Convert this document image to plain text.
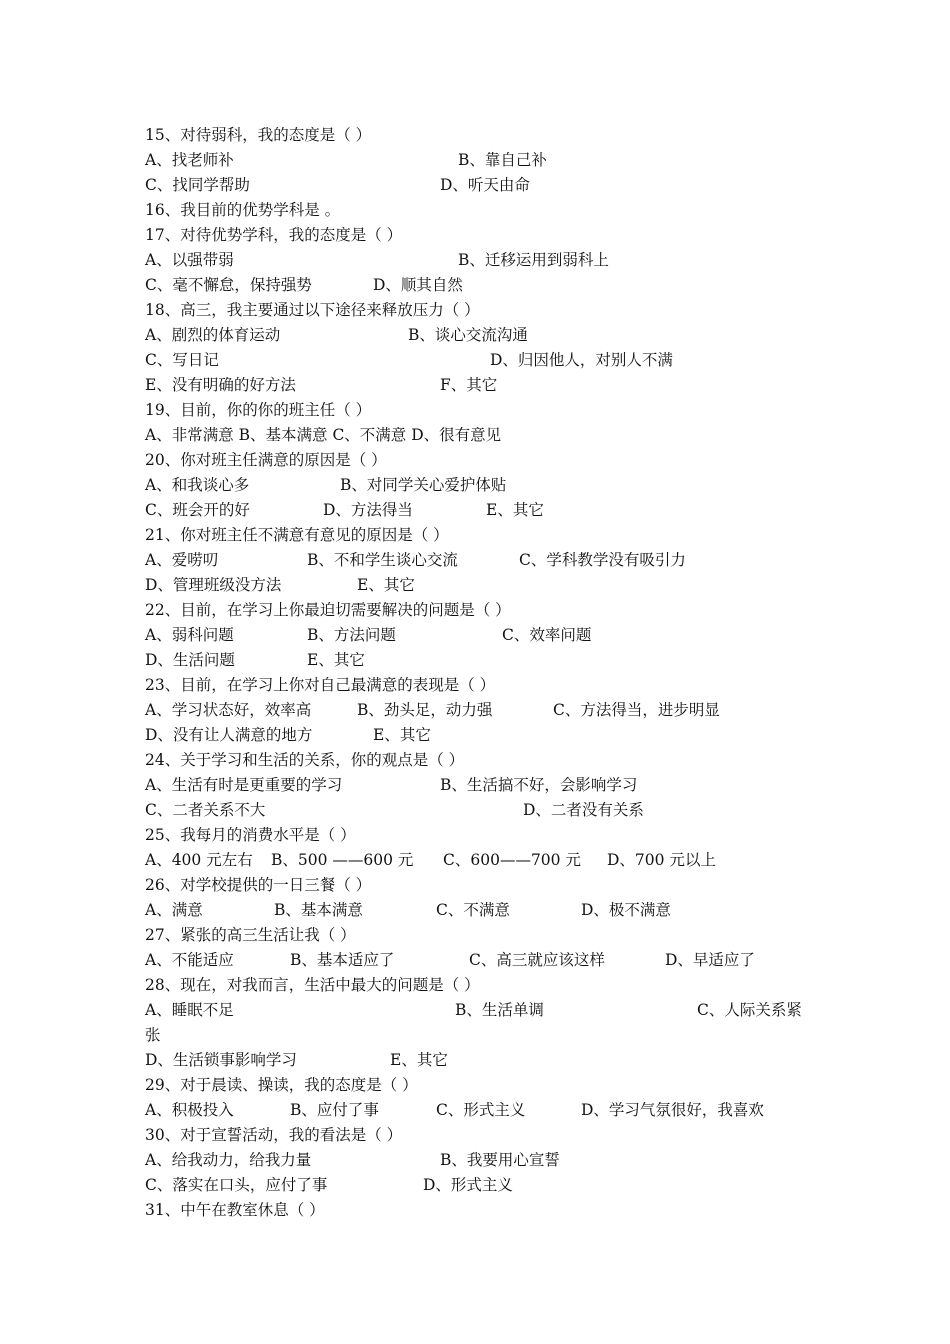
15、对待弱科，我的态度是（ ）
A、找老师补	B、靠自己补
C、找同学帮助	D、听天由命
16、我目前的优势学科是 。
17、对待优势学科，我的态度是（ ）
A、以强带弱	B、迁移运用到弱科上
C、毫不懈怠，保持强势	D、顺其自然
18、高三，我主要通过以下途径来释放压力（ ）
A、剧烈的体育运动	B、谈心交流沟通
C、写日记	D、归因他人，对别人不满
E、没有明确的好方法	F、其它
19、目前，你的你的班主任（ ）
A、非常满意 B、基本满意 C、不满意 D、很有意见
20、你对班主任满意的原因是（ ）
A、和我谈心多	B、对同学关心爱护体贴
C、班会开的好	D、方法得当	E、其它
21、你对班主任不满意有意见的原因是（ ）
A、爱唠叨	B、不和学生谈心交流	C、学科教学没有吸引力
D、管理班级没方法	E、其它
22、目前，在学习上你最迫切需要解决的问题是（ ）
A、弱科问题	B、方法问题	C、效率问题
D、生活问题	E、其它
23、目前，在学习上你对自己最满意的表现是（ ）
A、学习状态好，效率高	B、劲头足，动力强	C、方法得当，进步明显
D、没有让人满意的地方	E、其它
24、关于学习和生活的关系，你的观点是（ ）
A、生活有时是更重要的学习	B、生活搞不好，会影响学习
C、二者关系不大	D、二者没有关系
25、我每月的消费水平是（ ）
A、400 元左右 B、500 ——600 元 C、600——700 元 D、700 元以上
26、对学校提供的一日三餐（ ）
A、满意	B、基本满意	C、不满意	D、极不满意
27、紧张的高三生活让我（ ）
A、不能适应	B、基本适应了	C、高三就应该这样	D、早适应了
28、现在，对我而言，生活中最大的问题是（ ）
A、睡眠不足	B、生活单调	C、人际关系紧
张
D、生活锁事影响学习	E、其它
29、对于晨读、操读，我的态度是（ ）
A、积极投入	B、应付了事	C、形式主义	D、学习气氛很好，我喜欢
30、对于宣誓活动，我的看法是（ ）
A、给我动力，给我力量	B、我要用心宣誓
C、落实在口头，应付了事	D、形式主义
31、中午在教室休息（ ）
